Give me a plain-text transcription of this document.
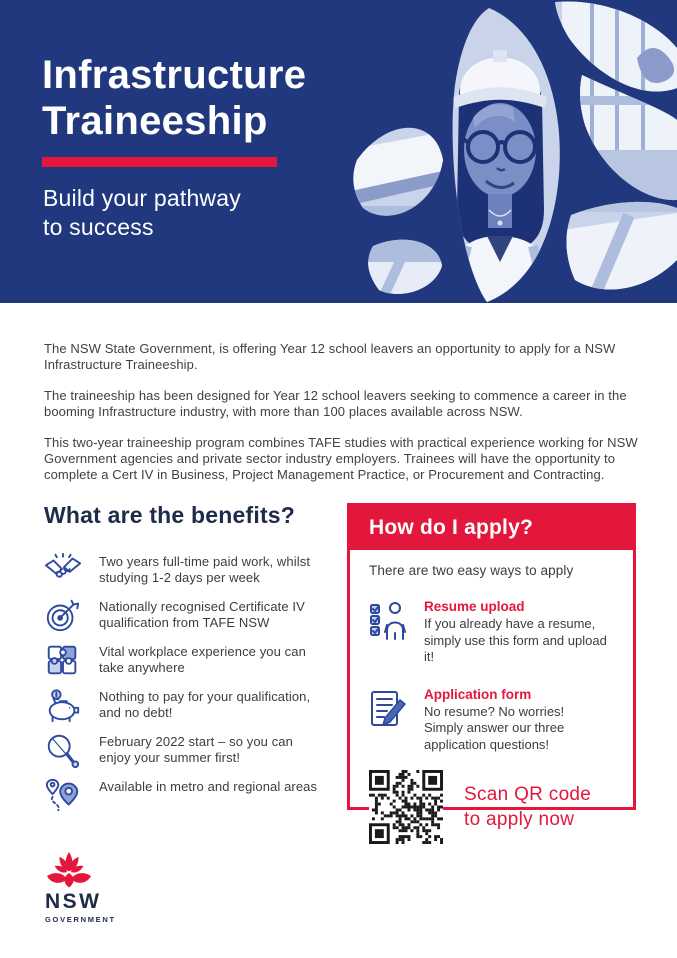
Infrastructure
Traineeship
Build your pathway
to success

The NSW State Government, is offering Year 12 school leavers an opportunity to apply for a NSW
Infrastructure Traineeship.

The traineeship has been designed for Year 12 school leavers seeking to commence a career in the
booming Infrastructure industry, with more than 100 places available across NSW.

This two-year traineeship program combines TAFE studies with practical experience working for NSW
Government agencies and private sector industry employers. Trainees will have the opportunity to
complete a Cert IV in Business, Project Management Practice, or Procurement and Contracting.

What are the benefits?
Two years full-time paid work, whilst
studying 1-2 days per week
Nationally recognised Certificate IV
qualification from TAFE NSW
Vital workplace experience you can
take anywhere
Nothing to pay for your qualification,
and no debt!
February 2022 start – so you can
enjoy your summer first!
Available in metro and regional areas
How do I apply?

There are two easy ways to apply

Resume upload

If you already have a resume,
simply use this form and upload it!

Application form

No resume? No worries!
Simply answer our three
application questions!

Scan QR code
to apply now
NSW
GOVERNMENT
